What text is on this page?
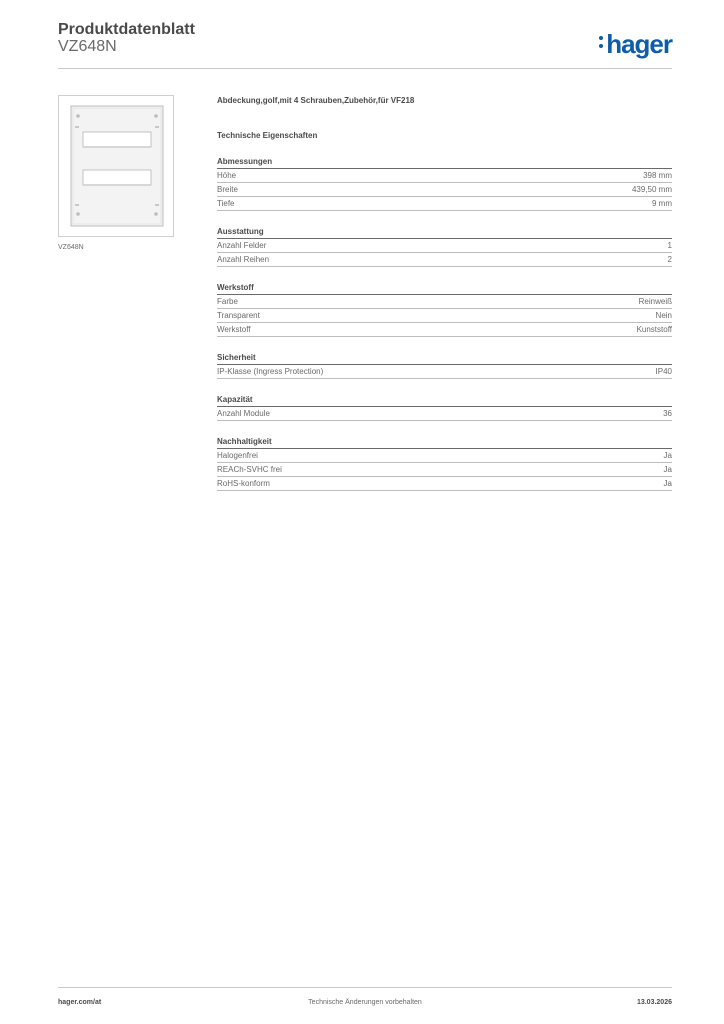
Produktdatenblatt
VZ648N	hager
VZ648N
Abdeckung,golf,mit 4 Schrauben,Zubehör,für VF218
Technische Eigenschaften
Abmessungen
Höhe	398 mm
Breite	439,50 mm
Tiefe	9 mm
Ausstattung
Anzahl Felder	1
Anzahl Reihen	2
Werkstoff
Farbe	Reinweiß
Transparent	Nein
Werkstoff	Kunststoff
Sicherheit
IP-Klasse (Ingress Protection)	IP40
Kapazität
Anzahl Module	36
Nachhaltigkeit
Halogenfrei	Ja
REACh-SVHC frei	Ja
RoHS-konform	Ja
hager.com/at	Technische Änderungen vorbehalten	13.03.2026
